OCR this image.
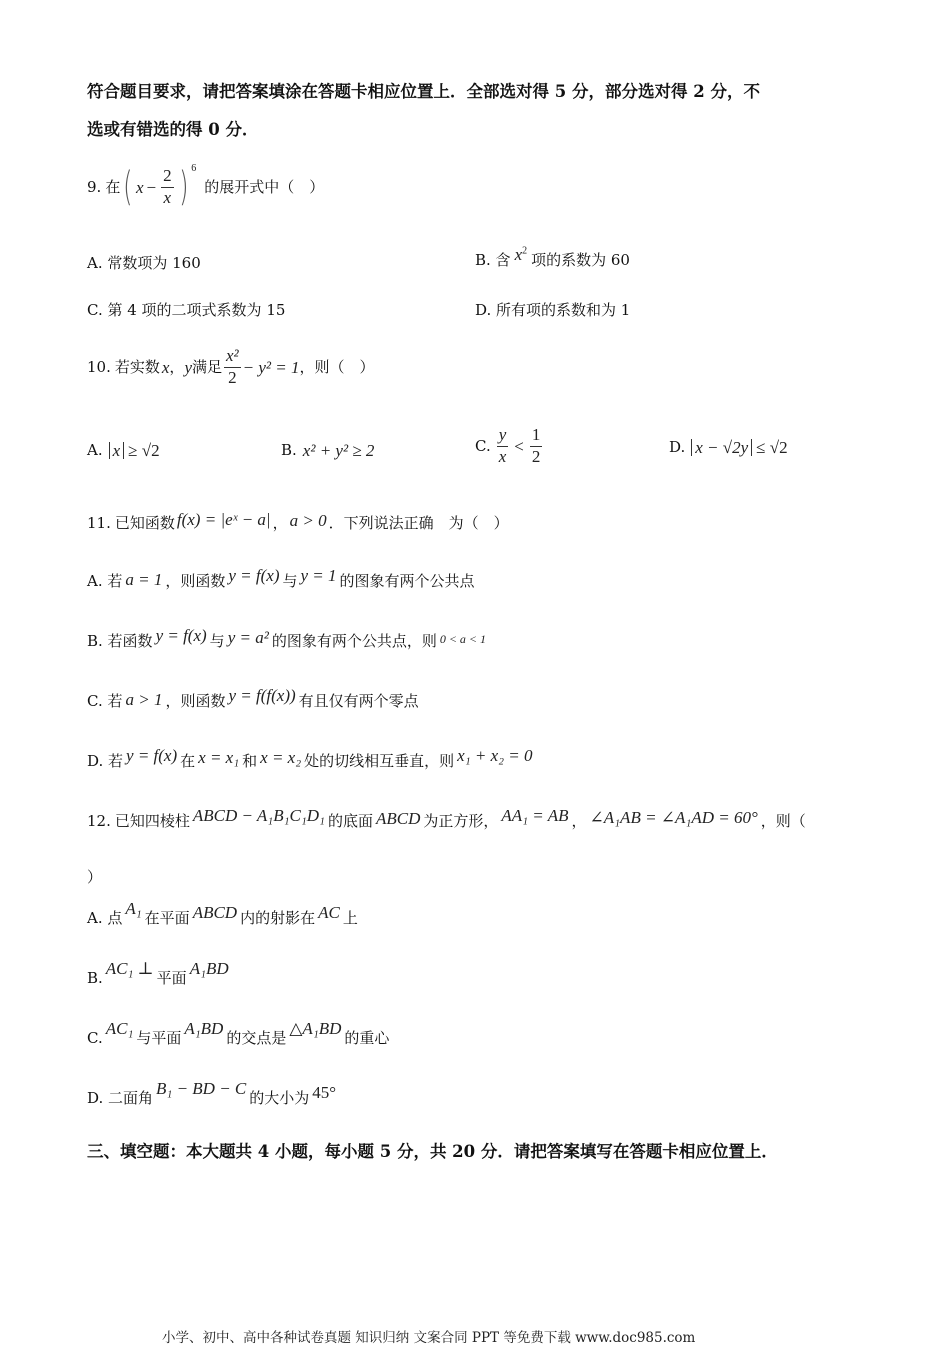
符合题目要求，请把答案填涂在答题卡相应位置上．全部选对得 5 分，部分选对得 2 分，不
选或有错选的得 0 分．
9. 在 ( $x - \frac{2}{x}$ ) 6
的展开式中（　）
A. 常数项为 160	B. 含 $x^2$
项的系数为 60
C. 第 4 项的二项式系数为 15	D. 所有项的系数和为 1
10. 若实数 x ， y 满足 $\frac{\text{x²}}{2} - y^2 = 1$ ，则（　）
A. x ≥ √2	B. x² + y² ≥ 2	C. $\frac{y}{x} < \frac{1}{2}$	D. x − √2y ≤ √2
11. 已知函数 f(x) = |eˣ − a| ， a > 0 ．下列说法正确　为（　）
A. 若 a = 1 ，则函数 y = f(x) 与 y = 1 的图象有两个公共点
B. 若函数 y = f(x) 与 y = a² 的图象有两个公共点，则 0 < a < 1
C. 若 a > 1 ，则函数 y = f(f(x)) 有且仅有两个零点
D. 若 y = f(x) 在 x = x₁ 和 x = x₂ 处的切线相互垂直，则 x₁ + x₂ = 0
12. 已知四棱柱 ABCD − A₁B₁C₁D₁ 的底面 ABCD 为正方形， AA₁ = AB ， ∠A₁AB = ∠A₁AD = 60° ，则（
）
A. 点 A₁ 在平面 ABCD 内的射影在 AC 上
B. AC₁ ⊥ 平面 A₁BD
C. AC₁ 与平面 A₁BD 的交点是 △A₁BD 的重心
D. 二面角 B₁ − BD − C 的大小为 45°
三、填空题：本大题共 4 小题，每小题 5 分，共 20 分．请把答案填写在答题卡相应位置上．
小学、初中、高中各种试卷真题 知识归纳 文案合同 PPT 等免费下载 www.doc985.com
